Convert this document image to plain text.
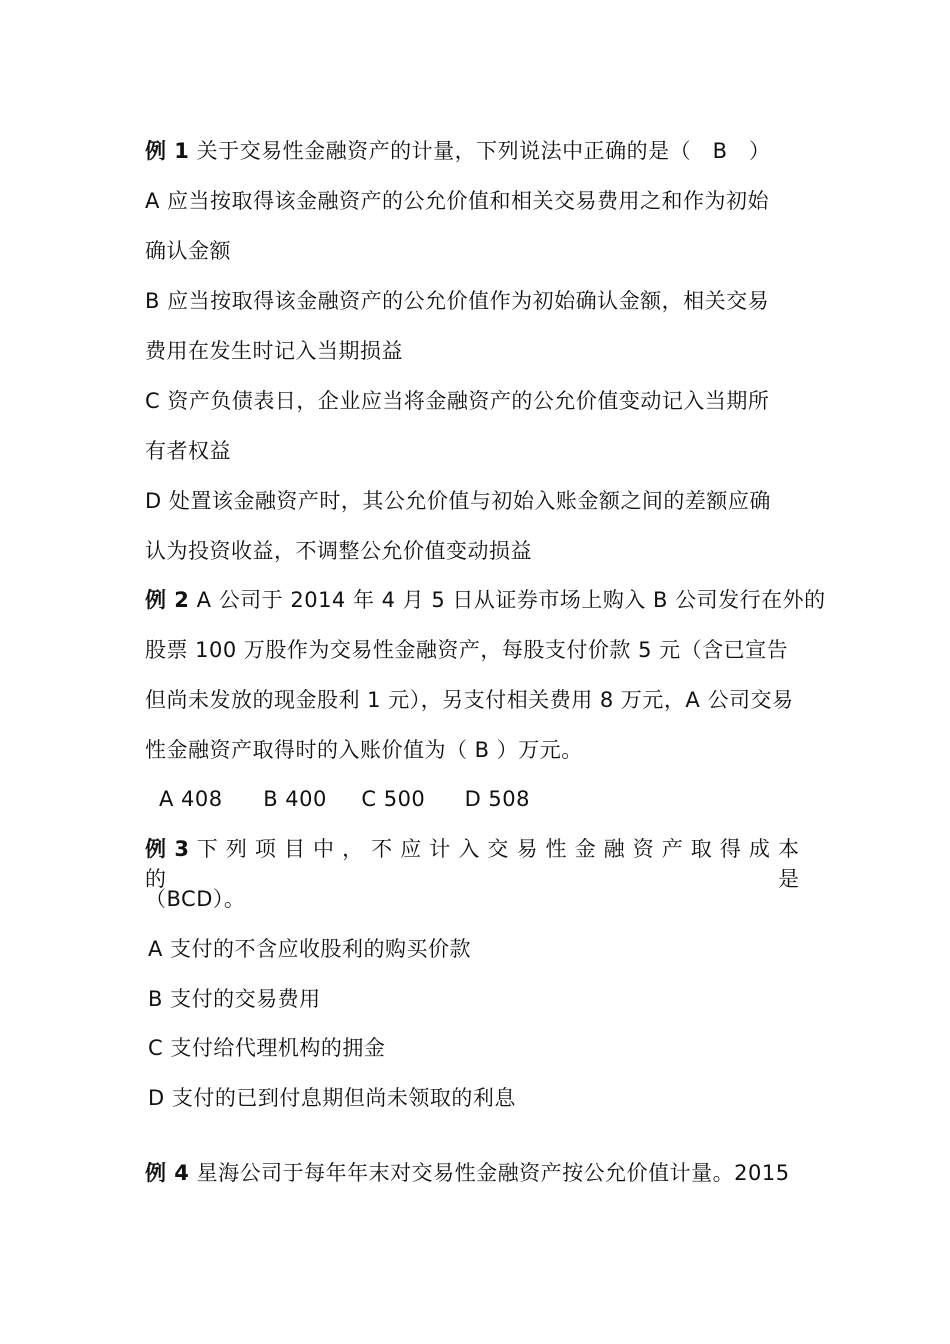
例 1 关于交易性金融资产的计量，下列说法中正确的是（　B　）
A 应当按取得该金融资产的公允价值和相关交易费用之和作为初始
确认金额
B 应当按取得该金融资产的公允价值作为初始确认金额，相关交易
费用在发生时记入当期损益
C 资产负债表日，企业应当将金融资产的公允价值变动记入当期所
有者权益
D 处置该金融资产时，其公允价值与初始入账金额之间的差额应确
认为投资收益，不调整公允价值变动损益
例 2 A 公司于 2014 年 4 月 5 日从证券市场上购入 B 公司发行在外的
股票 100 万股作为交易性金融资产，每股支付价款 5 元（含已宣告
但尚未发放的现金股利 1 元），另支付相关费用 8 万元，A 公司交易
性金融资产取得时的入账价值为（ B ）万元。
A 408 B 400 C 500 D 508
例 3 下列项目中，不应计入交易性金融资产取得成本的是
（BCD）。
A 支付的不含应收股利的购买价款
B 支付的交易费用
C 支付给代理机构的拥金
D 支付的已到付息期但尚未领取的利息
例 4 星海公司于每年年末对交易性金融资产按公允价值计量。2015
